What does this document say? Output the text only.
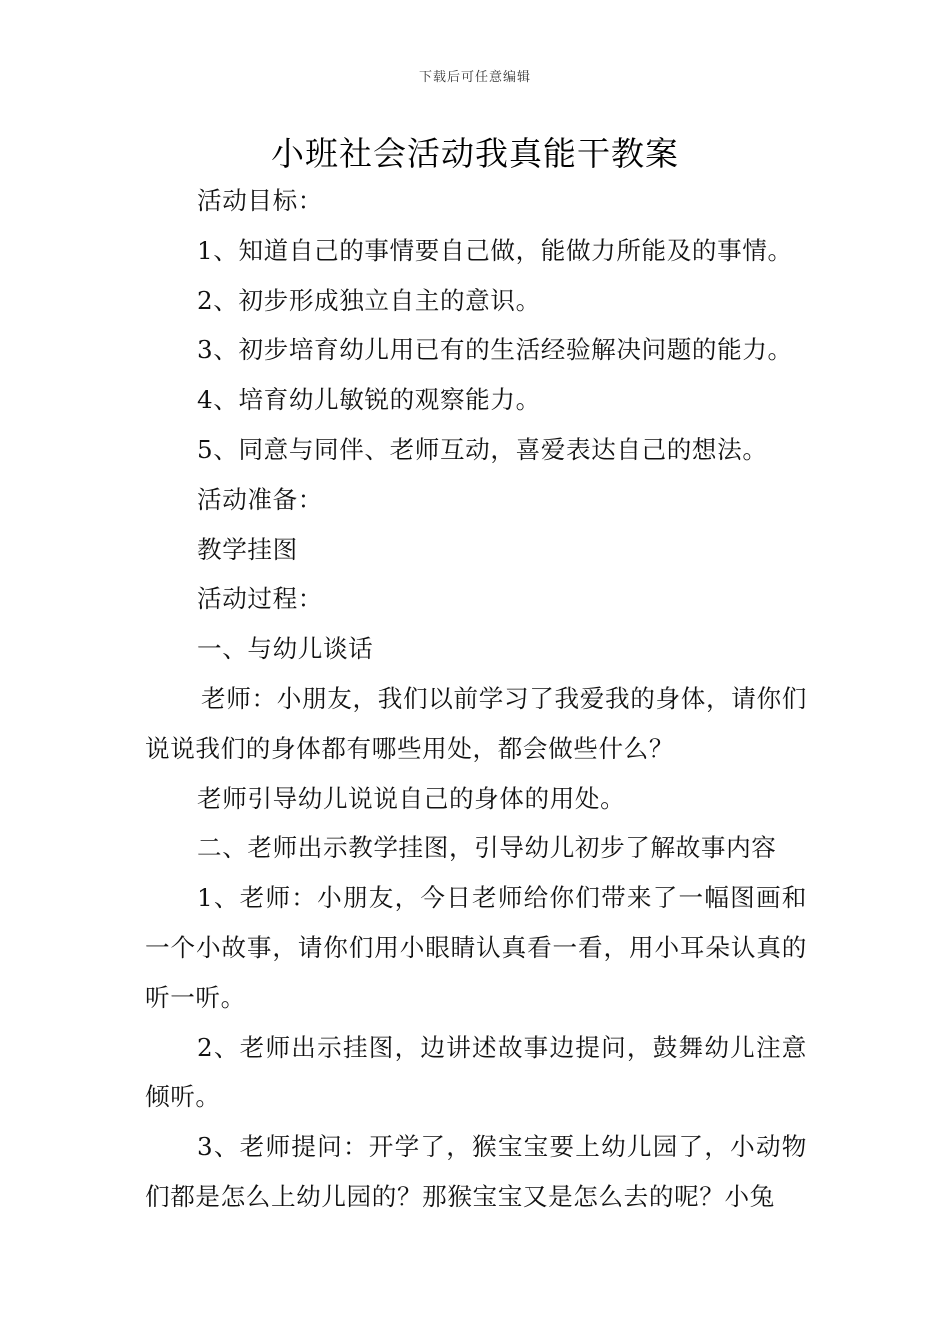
下载后可任意编辑
小班社会活动我真能干教案

活动目标：

1、知道自己的事情要自己做，能做力所能及的事情。

2、初步形成独立自主的意识。

3、初步培育幼儿用已有的生活经验解决问题的能力。

4、培育幼儿敏锐的观察能力。

5、同意与同伴、老师互动，喜爱表达自己的想法。

活动准备：

教学挂图

活动过程：

一、与幼儿谈话

老师：小朋友，我们以前学习了我爱我的身体，请你们说说我们的身体都有哪些用处，都会做些什么？

老师引导幼儿说说自己的身体的用处。

二、老师出示教学挂图，引导幼儿初步了解故事内容

1、老师：小朋友，今日老师给你们带来了一幅图画和一个小故事，请你们用小眼睛认真看一看，用小耳朵认真的听一听。

2、老师出示挂图，边讲述故事边提问，鼓舞幼儿注意倾听。

3、老师提问：开学了，猴宝宝要上幼儿园了，小动物们都是怎么上幼儿园的？那猴宝宝又是怎么去的呢？小兔
